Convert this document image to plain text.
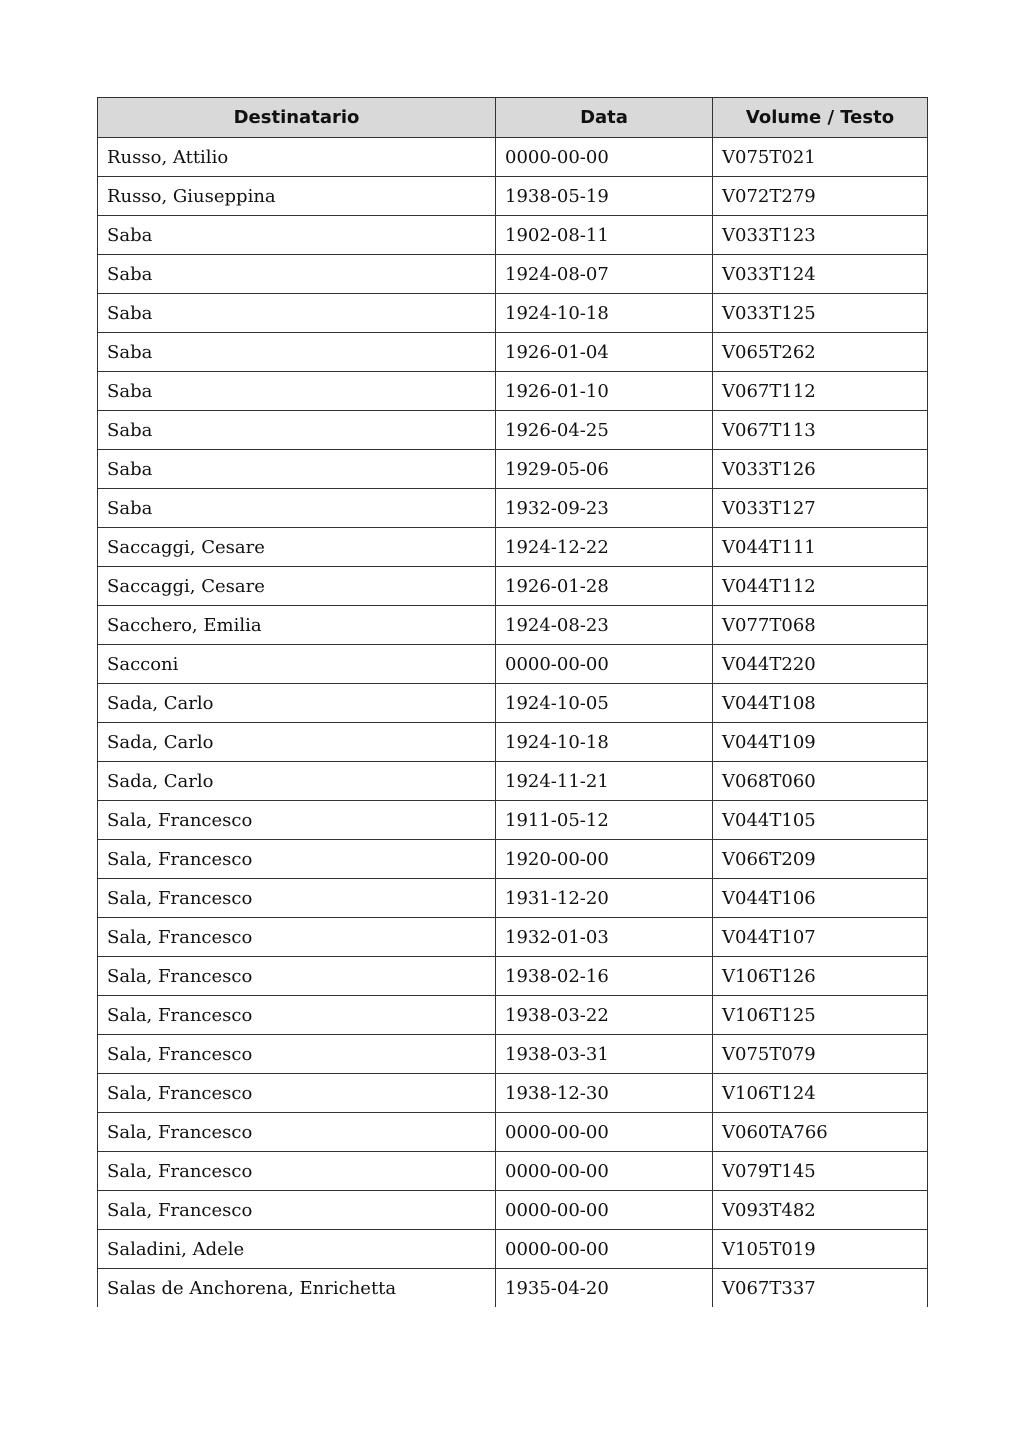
Destinatario	Data	Volume / Testo
Russo, Attilio	0000-00-00	V075T021
Russo, Giuseppina	1938-05-19	V072T279
Saba	1902-08-11	V033T123
Saba	1924-08-07	V033T124
Saba	1924-10-18	V033T125
Saba	1926-01-04	V065T262
Saba	1926-01-10	V067T112
Saba	1926-04-25	V067T113
Saba	1929-05-06	V033T126
Saba	1932-09-23	V033T127
Saccaggi, Cesare	1924-12-22	V044T111
Saccaggi, Cesare	1926-01-28	V044T112
Sacchero, Emilia	1924-08-23	V077T068
Sacconi	0000-00-00	V044T220
Sada, Carlo	1924-10-05	V044T108
Sada, Carlo	1924-10-18	V044T109
Sada, Carlo	1924-11-21	V068T060
Sala, Francesco	1911-05-12	V044T105
Sala, Francesco	1920-00-00	V066T209
Sala, Francesco	1931-12-20	V044T106
Sala, Francesco	1932-01-03	V044T107
Sala, Francesco	1938-02-16	V106T126
Sala, Francesco	1938-03-22	V106T125
Sala, Francesco	1938-03-31	V075T079
Sala, Francesco	1938-12-30	V106T124
Sala, Francesco	0000-00-00	V060TA766
Sala, Francesco	0000-00-00	V079T145
Sala, Francesco	0000-00-00	V093T482
Saladini, Adele	0000-00-00	V105T019
Salas de Anchorena, Enrichetta	1935-04-20	V067T337
